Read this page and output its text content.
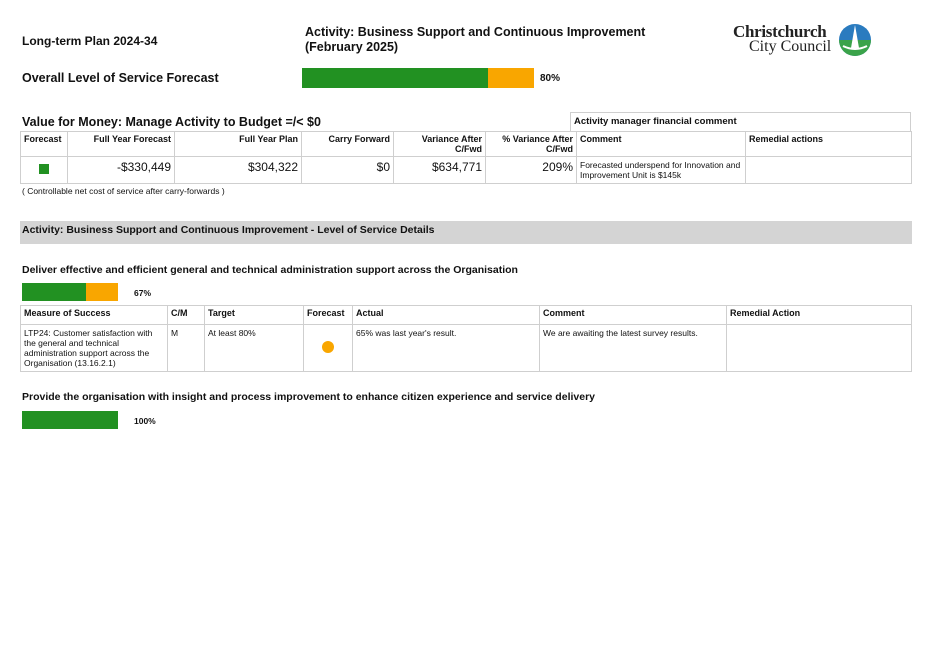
Long-term Plan 2024-34
Activity: Business Support and Continuous Improvement
(February 2025)
Christchurch
City Council
Overall Level of Service Forecast	80%
Value for Money: Manage Activity to Budget =/< $0	Activity manager financial comment
Forecast	Full Year Forecast	Full Year Plan	Carry Forward	Variance After C/Fwd	% Variance After C/Fwd	Comment	Remedial actions
	-$330,449	$304,322	$0	$634,771	209%	Forecasted underspend for Innovation and Improvement Unit is $145k	
( Controllable net cost of service after carry-forwards )
Activity: Business Support and Continuous Improvement - Level of Service Details
Deliver effective and efficient general and technical administration support across the Organisation
67%
Measure of Success	C/M	Target	Forecast	Actual	Comment	Remedial Action
LTP24: Customer satisfaction with the general and technical administration support across the Organisation (13.16.2.1)	M	At least 80%		65% was last year's result.	We are awaiting the latest survey results.	
Provide the organisation with insight and process improvement to enhance citizen experience and service delivery
100%
